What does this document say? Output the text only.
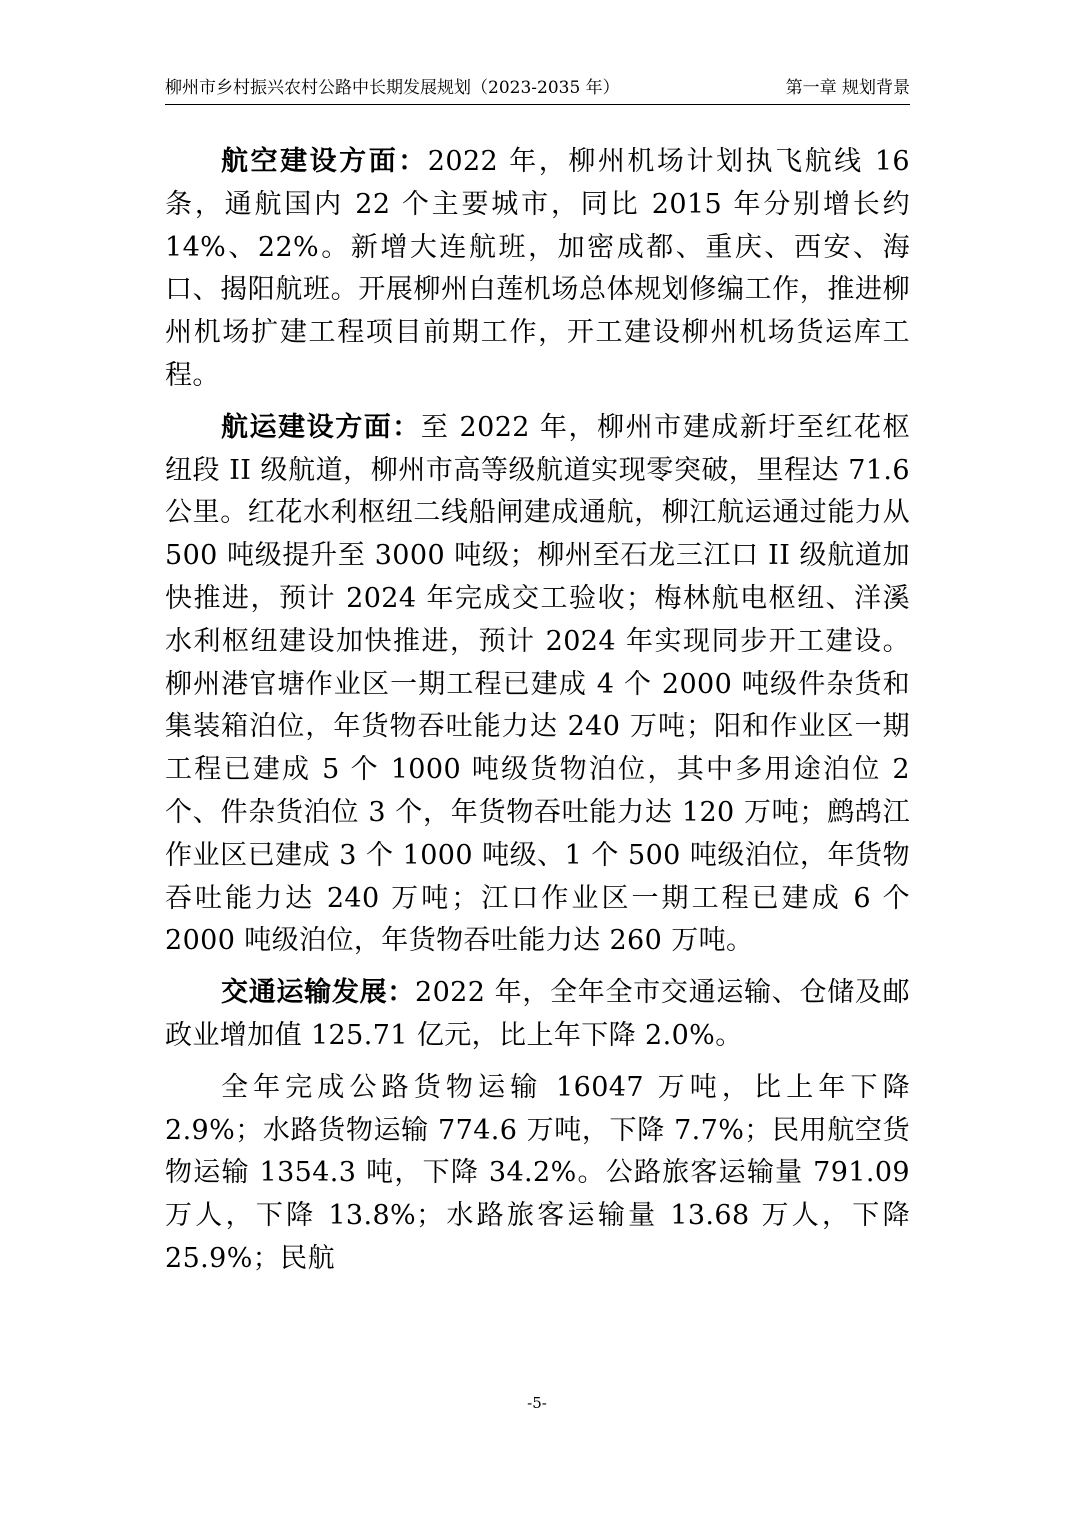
柳州市乡村振兴农村公路中长期发展规划（2023-2035 年）	第一章 规划背景

航空建设方面：2022 年，柳州机场计划执飞航线 16 条，通航国内 22 个主要城市，同比 2015 年分别增长约 14%、22%。新增大连航班，加密成都、重庆、西安、海口、揭阳航班。开展柳州白莲机场总体规划修编工作，推进柳州机场扩建工程项目前期工作，开工建设柳州机场货运库工程。

航运建设方面：至 2022 年，柳州市建成新圩至红花枢纽段 II 级航道，柳州市高等级航道实现零突破，里程达 71.6 公里。红花水利枢纽二线船闸建成通航，柳江航运通过能力从 500 吨级提升至 3000 吨级；柳州至石龙三江口 II 级航道加快推进，预计 2024 年完成交工验收；梅林航电枢纽、洋溪水利枢纽建设加快推进，预计 2024 年实现同步开工建设。柳州港官塘作业区一期工程已建成 4 个 2000 吨级件杂货和集装箱泊位，年货物吞吐能力达 240 万吨；阳和作业区一期工程已建成 5 个 1000 吨级货物泊位，其中多用途泊位 2 个、件杂货泊位 3 个，年货物吞吐能力达 120 万吨；鹧鸪江作业区已建成 3 个 1000 吨级、1 个 500 吨级泊位，年货物吞吐能力达 240 万吨；江口作业区一期工程已建成 6 个 2000 吨级泊位，年货物吞吐能力达 260 万吨。

交通运输发展：2022 年，全年全市交通运输、仓储及邮政业增加值 125.71 亿元，比上年下降 2.0%。

全年完成公路货物运输 16047 万吨，比上年下降 2.9%；水路货物运输 774.6 万吨，下降 7.7%；民用航空货物运输 1354.3 吨，下降 34.2%。公路旅客运输量 791.09 万人，下降 13.8%；水路旅客运输量 13.68 万人，下降 25.9%；民航

-5-
